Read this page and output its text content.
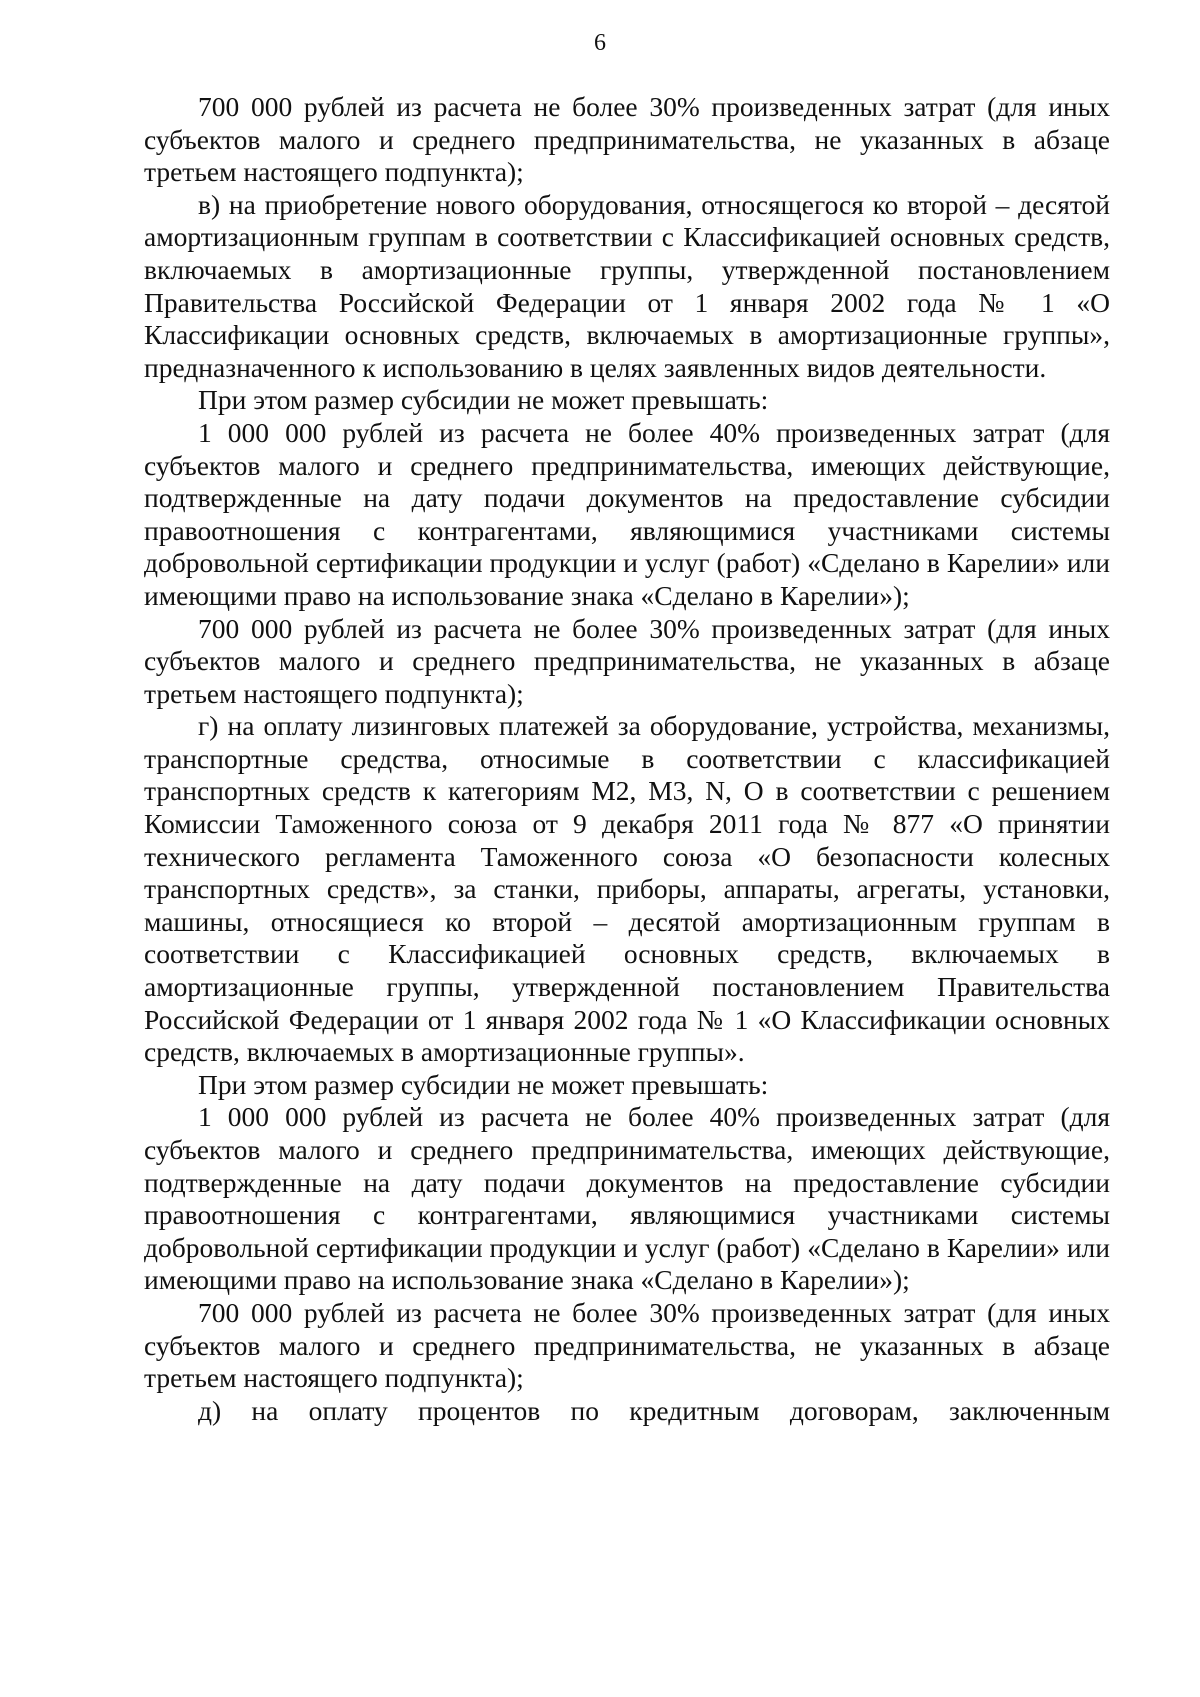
6

700 000 рублей из расчета не более 30% произведенных затрат (для иных субъектов малого и среднего предпринимательства, не указанных в абзаце третьем настоящего подпункта);

в) на приобретение нового оборудования, относящегося ко второй – десятой амортизационным группам в соответствии с Классификацией основных средств, включаемых в амортизационные группы, утвержденной постановлением Правительства Российской Федерации от 1 января 2002 года № 1 «О Классификации основных средств, включаемых в амортизационные группы», предназначенного к использованию в целях заявленных видов деятельности.

При этом размер субсидии не может превышать:

1 000 000 рублей из расчета не более 40% произведенных затрат (для субъектов малого и среднего предпринимательства, имеющих действующие, подтвержденные на дату подачи документов на предоставление субсидии правоотношения с контрагентами, являющимися участниками системы добровольной сертификации продукции и услуг (работ) «Сделано в Карелии» или имеющими право на использование знака «Сделано в Карелии»);

700 000 рублей из расчета не более 30% произведенных затрат (для иных субъектов малого и среднего предпринимательства, не указанных в абзаце третьем настоящего подпункта);

г) на оплату лизинговых платежей за оборудование, устройства, механизмы, транспортные средства, относимые в соответствии с классификацией транспортных средств к категориям М2, М3, N, О в соответствии с решением Комиссии Таможенного союза от 9 декабря 2011 года № 877 «О принятии технического регламента Таможенного союза «О безопасности колесных транспортных средств», за станки, приборы, аппараты, агрегаты, установки, машины, относящиеся ко второй – десятой амортизационным группам в соответствии с Классификацией основных средств, включаемых в амортизационные группы, утвержденной постановлением Правительства Российской Федерации от 1 января 2002 года № 1 «О Классификации основных средств, включаемых в амортизационные группы».

При этом размер субсидии не может превышать:

1 000 000 рублей из расчета не более 40% произведенных затрат (для субъектов малого и среднего предпринимательства, имеющих действующие, подтвержденные на дату подачи документов на предоставление субсидии правоотношения с контрагентами, являющимися участниками системы добровольной сертификации продукции и услуг (работ) «Сделано в Карелии» или имеющими право на использование знака «Сделано в Карелии»);

700 000 рублей из расчета не более 30% произведенных затрат (для иных субъектов малого и среднего предпринимательства, не указанных в абзаце третьем настоящего подпункта);

д) на оплату процентов по кредитным договорам, заключенным
